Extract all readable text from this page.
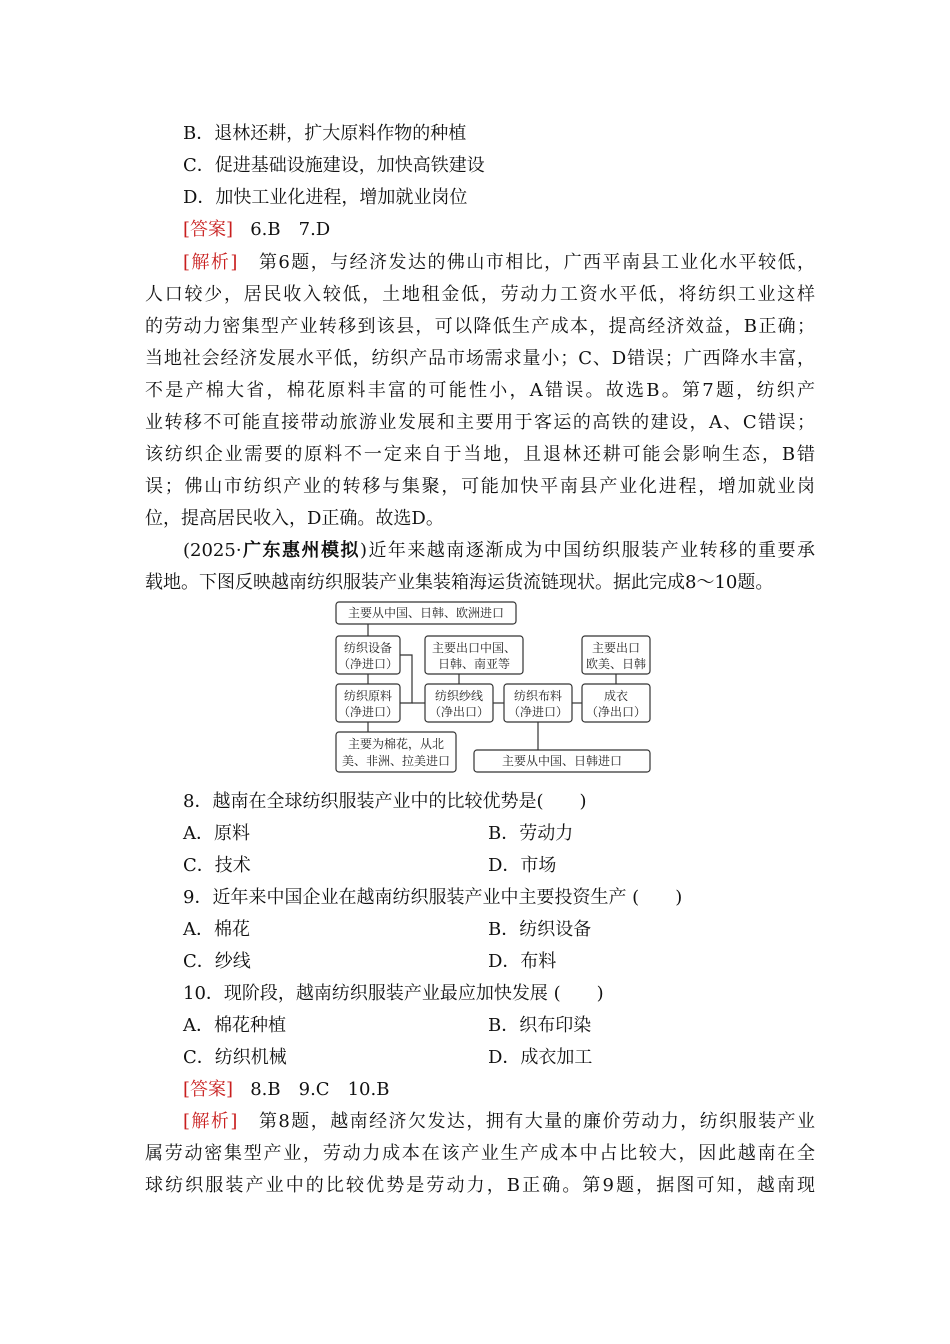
B．退林还耕，扩大原料作物的种植
C．促进基础设施建设，加快高铁建设
D．加快工业化进程，增加就业岗位
[答案] 6.B　7.D
[解析] 第6题，与经济发达的佛山市相比，广西平南县工业化水平较低，
人口较少，居民收入较低，土地租金低，劳动力工资水平低，将纺织工业这样
的劳动力密集型产业转移到该县，可以降低生产成本，提高经济效益，B正确；
当地社会经济发展水平低，纺织产品市场需求量小；C、D错误；广西降水丰富，
不是产棉大省，棉花原料丰富的可能性小，A错误。故选B。第7题，纺织产
业转移不可能直接带动旅游业发展和主要用于客运的高铁的建设，A、C错误；
该纺织企业需要的原料不一定来自于当地，且退林还耕可能会影响生态，B错
误；佛山市纺织产业的转移与集聚，可能加快平南县产业化进程，增加就业岗
位，提高居民收入，D正确。故选D。
(2025·广东惠州模拟)近年来越南逐渐成为中国纺织服装产业转移的重要承
载地。下图反映越南纺织服装产业集装箱海运货流链现状。据此完成8～10题。
主要从中国、日韩、欧洲进口
纺织设备
（净进口）
主要出口中国、
日韩、南亚等
主要出口
欧美、日韩
纺织原料
（净进口）
纺织纱线
（净出口）
纺织布料
（净进口）
成衣
（净出口）
主要为棉花，从北
美、非洲、拉美进口	主要从中国、日韩进口
8．越南在全球纺织服装产业中的比较优势是(　　)
A．原料	B．劳动力
C．技术	D．市场
9．近年来中国企业在越南纺织服装产业中主要投资生产 (　　)
A．棉花	B．纺织设备
C．纱线	D．布料
10．现阶段，越南纺织服装产业最应加快发展 (　　)
A．棉花种植	B．织布印染
C．纺织机械	D．成衣加工
[答案] 8.B　9.C　10.B
[解析] 第8题，越南经济欠发达，拥有大量的廉价劳动力，纺织服装产业
属劳动密集型产业，劳动力成本在该产业生产成本中占比较大，因此越南在全
球纺织服装产业中的比较优势是劳动力，B正确。第9题，据图可知，越南现
